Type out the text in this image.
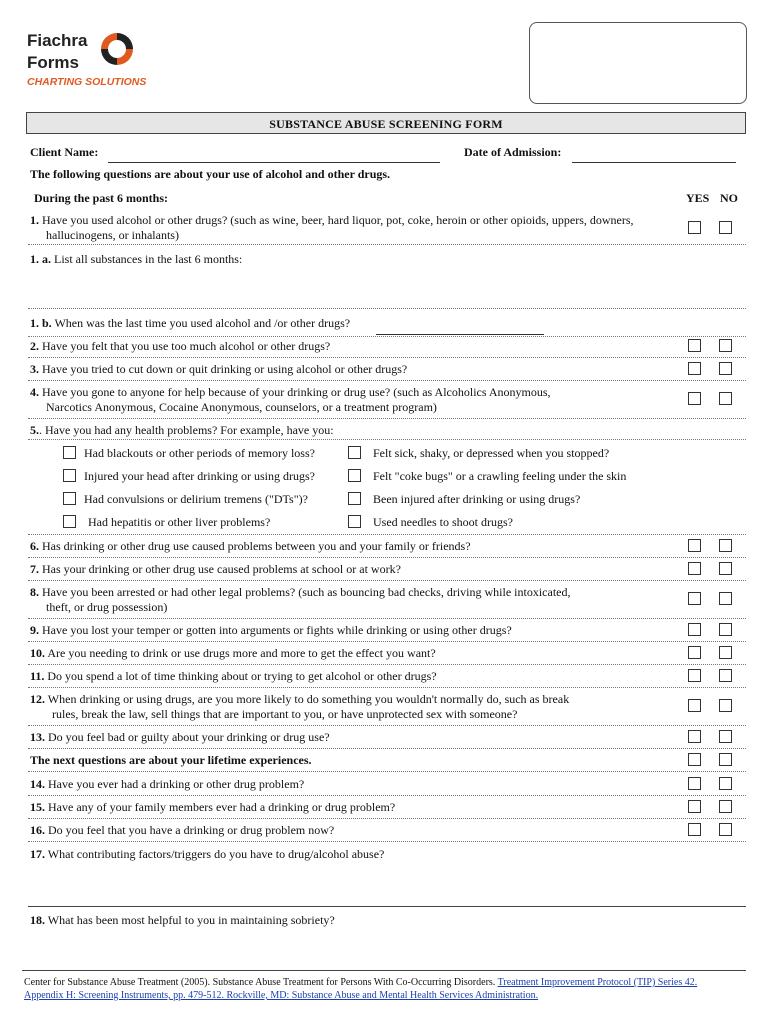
Fiachra
Forms
CHARTING SOLUTIONS
SUBSTANCE ABUSE SCREENING FORM
Client Name:	Date of Admission:
The following questions are about your use of alcohol and other drugs.
During the past 6 months:	YES NO
1. Have you used alcohol or other drugs? (such as wine, beer, hard liquor, pot, coke, heroin or other opioids, uppers, downers,
hallucinogens, or inhalants)
1. a. List all substances in the last 6 months:
1. b. When was the last time you used alcohol and /or other drugs?
2. Have you felt that you use too much alcohol or other drugs?
3. Have you tried to cut down or quit drinking or using alcohol or other drugs?
4. Have you gone to anyone for help because of your drinking or drug use? (such as Alcoholics Anonymous,
Narcotics Anonymous, Cocaine Anonymous, counselors, or a treatment program)
5.. Have you had any health problems? For example, have you:
Had blackouts or other periods of memory loss?	Felt sick, shaky, or depressed when you stopped?
Injured your head after drinking or using drugs?	Felt "coke bugs" or a crawling feeling under the skin
Had convulsions or delirium tremens ("DTs")?	Been injured after drinking or using drugs?
Had hepatitis or other liver problems?	Used needles to shoot drugs?
6. Has drinking or other drug use caused problems between you and your family or friends?
7. Has your drinking or other drug use caused problems at school or at work?
8. Have you been arrested or had other legal problems? (such as bouncing bad checks, driving while intoxicated,
theft, or drug possession)
9. Have you lost your temper or gotten into arguments or fights while drinking or using other drugs?
10. Are you needing to drink or use drugs more and more to get the effect you want?
11. Do you spend a lot of time thinking about or trying to get alcohol or other drugs?
12. When drinking or using drugs, are you more likely to do something you wouldn't normally do, such as break
rules, break the law, sell things that are important to you, or have unprotected sex with someone?
13. Do you feel bad or guilty about your drinking or drug use?
The next questions are about your lifetime experiences.
14. Have you ever had a drinking or other drug problem?
15. Have any of your family members ever had a drinking or drug problem?
16. Do you feel that you have a drinking or drug problem now?
17. What contributing factors/triggers do you have to drug/alcohol abuse?
18. What has been most helpful to you in maintaining sobriety?
Center for Substance Abuse Treatment (2005). Substance Abuse Treatment for Persons With Co-Occurring Disorders. Treatment Improvement Protocol (TIP) Series 42.
Appendix H: Screening Instruments, pp. 479-512. Rockville, MD: Substance Abuse and Mental Health Services Administration.
